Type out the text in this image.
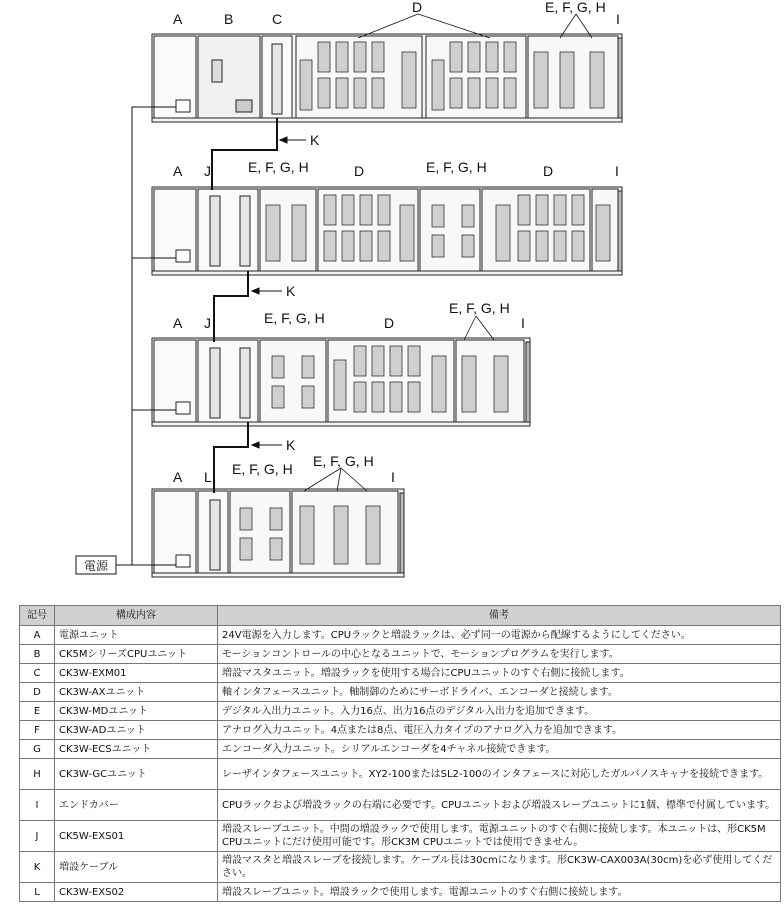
A	B	C
D	E, F, G, H
I
A J	E, F, G, H	D	E, F, G, H	D	I
A J	E, F, G, H	D
E, F, G, H
I
A L E, F, G, H E, F, G, H
I
K
K
K
電源
記号	構成内容	備考
A	電源ユニット	24V電源を入力します。CPUラックと増設ラックは、必ず同一の電源から配線するようにしてください。
B	CK5MシリーズCPUユニット	モーションコントロールの中心となるユニットで、モーションプログラムを実行します。
C	CK3W-EXM01	増設マスタユニット。増設ラックを使用する場合にCPUユニットのすぐ右側に接続します。
D	CK3W-AXユニット	軸インタフェースユニット。軸制御のためにサーボドライバ、エンコーダと接続します。
E	CK3W-MDユニット	デジタル入出力ユニット。入力16点、出力16点のデジタル入出力を追加できます。
F	CK3W-ADユニット	アナログ入力ユニット。4点または8点、電圧入力タイプのアナログ入力を追加できます。
G	CK3W-ECSユニット	エンコーダ入力ユニット。シリアルエンコーダを4チャネル接続できます。
H	CK3W-GCユニット	レーザインタフェースユニット。XY2-100またはSL2-100のインタフェースに対応したガルバノスキャナを接続できます。
I	エンドカバー	CPUラックおよび増設ラックの右端に必要です。CPUユニットおよび増設スレーブユニットに1個、標準で付属しています。
J	CK5W-EXS01	増設スレーブユニット。中間の増設ラックで使用します。電源ユニットのすぐ右側に接続します。本ユニットは、形CK5M CPUユニットにだけ使用可能です。形CK3M CPUユニットでは使用できません。
K	増設ケーブル	増設マスタと増設スレーブを接続します。ケーブル長は30cmになります。形CK3W-CAX003A(30cm)を必ず使用してください。
L	CK3W-EXS02	増設スレーブユニット。増設ラックで使用します。電源ユニットのすぐ右側に接続します。
